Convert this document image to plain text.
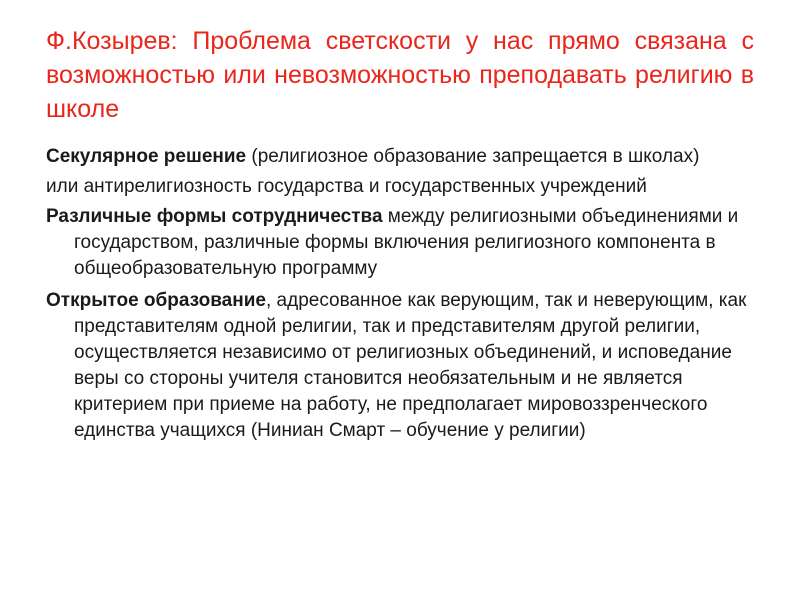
Ф.Козырев: Проблема светскости у нас прямо связана с возможностью или невозможностью преподавать религию в школе

Секулярное решение (религиозное образование запрещается в школах)

или антирелигиозность государства и государственных учреждений

Различные формы сотрудничества между религиозными объединениями и государством, различные формы включения религиозного компонента в общеобразовательную программу

Открытое образование, адресованное как верующим, так и неверующим, как представителям одной религии, так и представителям другой религии, осуществляется независимо от религиозных объединений, и исповедание веры со стороны учителя становится необязательным и не является критерием при приеме на работу, не предполагает мировоззренческого единства учащихся (Ниниан Смарт – обучение у религии)
